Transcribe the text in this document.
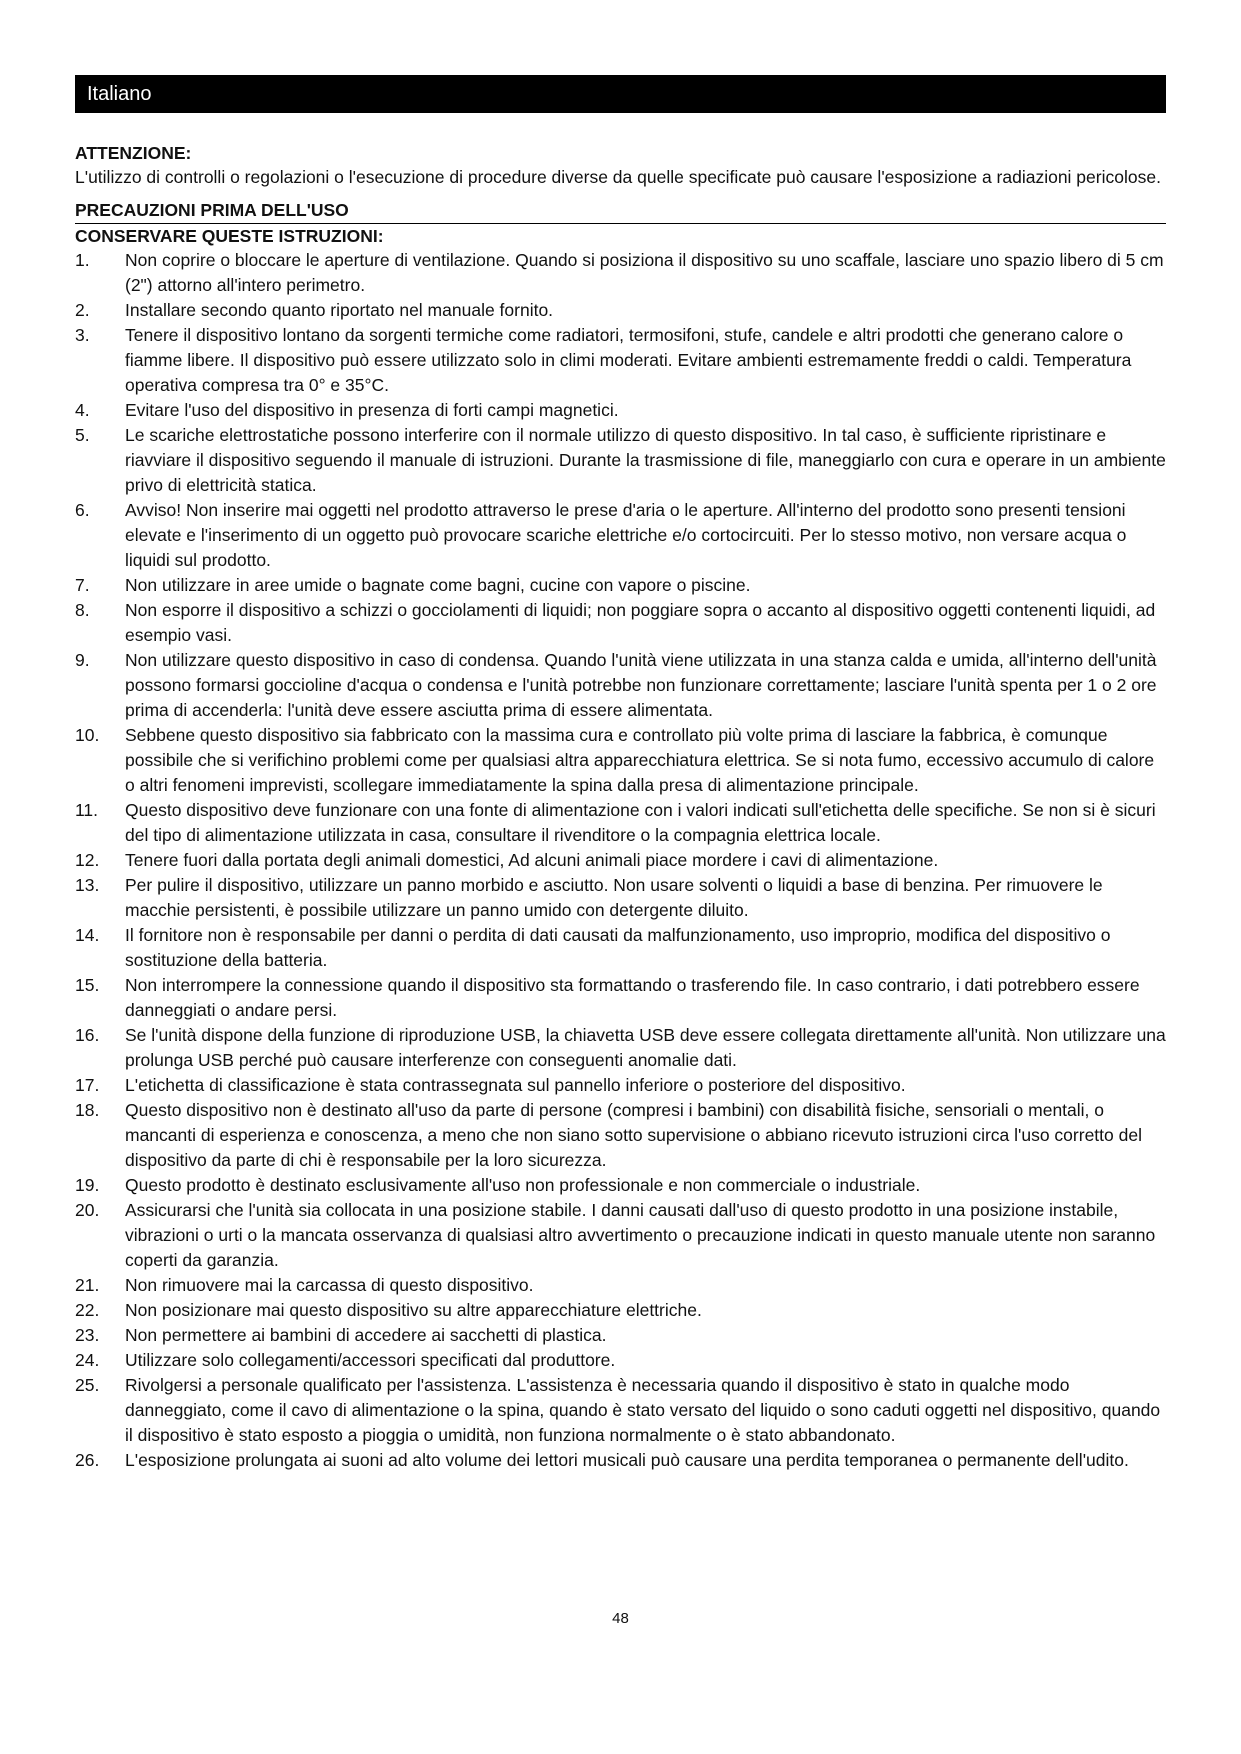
Italiano
ATTENZIONE:
L'utilizzo di controlli o regolazioni o l'esecuzione di procedure diverse da quelle specificate può causare l'esposizione a radiazioni pericolose.
PRECAUZIONI PRIMA DELL'USO
CONSERVARE QUESTE ISTRUZIONI:
1. Non coprire o bloccare le aperture di ventilazione. Quando si posiziona il dispositivo su uno scaffale, lasciare uno spazio libero di 5 cm (2") attorno all'intero perimetro.
2. Installare secondo quanto riportato nel manuale fornito.
3. Tenere il dispositivo lontano da sorgenti termiche come radiatori, termosifoni, stufe, candele e altri prodotti che generano calore o fiamme libere. Il dispositivo può essere utilizzato solo in climi moderati. Evitare ambienti estremamente freddi o caldi. Temperatura operativa compresa tra 0° e 35°C.
4. Evitare l'uso del dispositivo in presenza di forti campi magnetici.
5. Le scariche elettrostatiche possono interferire con il normale utilizzo di questo dispositivo. In tal caso, è sufficiente ripristinare e riavviare il dispositivo seguendo il manuale di istruzioni. Durante la trasmissione di file, maneggiarlo con cura e operare in un ambiente privo di elettricità statica.
6. Avviso! Non inserire mai oggetti nel prodotto attraverso le prese d'aria o le aperture. All'interno del prodotto sono presenti tensioni elevate e l'inserimento di un oggetto può provocare scariche elettriche e/o cortocircuiti. Per lo stesso motivo, non versare acqua o liquidi sul prodotto.
7. Non utilizzare in aree umide o bagnate come bagni, cucine con vapore o piscine.
8. Non esporre il dispositivo a schizzi o gocciolamenti di liquidi; non poggiare sopra o accanto al dispositivo oggetti contenenti liquidi, ad esempio vasi.
9. Non utilizzare questo dispositivo in caso di condensa. Quando l'unità viene utilizzata in una stanza calda e umida, all'interno dell'unità possono formarsi goccioline d'acqua o condensa e l'unità potrebbe non funzionare correttamente; lasciare l'unità spenta per 1 o 2 ore prima di accenderla: l'unità deve essere asciutta prima di essere alimentata.
10. Sebbene questo dispositivo sia fabbricato con la massima cura e controllato più volte prima di lasciare la fabbrica, è comunque possibile che si verifichino problemi come per qualsiasi altra apparecchiatura elettrica. Se si nota fumo, eccessivo accumulo di calore o altri fenomeni imprevisti, scollegare immediatamente la spina dalla presa di alimentazione principale.
11. Questo dispositivo deve funzionare con una fonte di alimentazione con i valori indicati sull'etichetta delle specifiche. Se non si è sicuri del tipo di alimentazione utilizzata in casa, consultare il rivenditore o la compagnia elettrica locale.
12. Tenere fuori dalla portata degli animali domestici, Ad alcuni animali piace mordere i cavi di alimentazione.
13. Per pulire il dispositivo, utilizzare un panno morbido e asciutto. Non usare solventi o liquidi a base di benzina. Per rimuovere le macchie persistenti, è possibile utilizzare un panno umido con detergente diluito.
14. Il fornitore non è responsabile per danni o perdita di dati causati da malfunzionamento, uso improprio, modifica del dispositivo o sostituzione della batteria.
15. Non interrompere la connessione quando il dispositivo sta formattando o trasferendo file. In caso contrario, i dati potrebbero essere danneggiati o andare persi.
16. Se l'unità dispone della funzione di riproduzione USB, la chiavetta USB deve essere collegata direttamente all'unità. Non utilizzare una prolunga USB perché può causare interferenze con conseguenti anomalie dati.
17. L'etichetta di classificazione è stata contrassegnata sul pannello inferiore o posteriore del dispositivo.
18. Questo dispositivo non è destinato all'uso da parte di persone (compresi i bambini) con disabilità fisiche, sensoriali o mentali, o mancanti di esperienza e conoscenza, a meno che non siano sotto supervisione o abbiano ricevuto istruzioni circa l'uso corretto del dispositivo da parte di chi è responsabile per la loro sicurezza.
19. Questo prodotto è destinato esclusivamente all'uso non professionale e non commerciale o industriale.
20. Assicurarsi che l'unità sia collocata in una posizione stabile. I danni causati dall'uso di questo prodotto in una posizione instabile, vibrazioni o urti o la mancata osservanza di qualsiasi altro avvertimento o precauzione indicati in questo manuale utente non saranno coperti da garanzia.
21. Non rimuovere mai la carcassa di questo dispositivo.
22. Non posizionare mai questo dispositivo su altre apparecchiature elettriche.
23. Non permettere ai bambini di accedere ai sacchetti di plastica.
24. Utilizzare solo collegamenti/accessori specificati dal produttore.
25. Rivolgersi a personale qualificato per l'assistenza. L'assistenza è necessaria quando il dispositivo è stato in qualche modo danneggiato, come il cavo di alimentazione o la spina, quando è stato versato del liquido o sono caduti oggetti nel dispositivo, quando il dispositivo è stato esposto a pioggia o umidità, non funziona normalmente o è stato abbandonato.
26. L'esposizione prolungata ai suoni ad alto volume dei lettori musicali può causare una perdita temporanea o permanente dell'udito.
48
